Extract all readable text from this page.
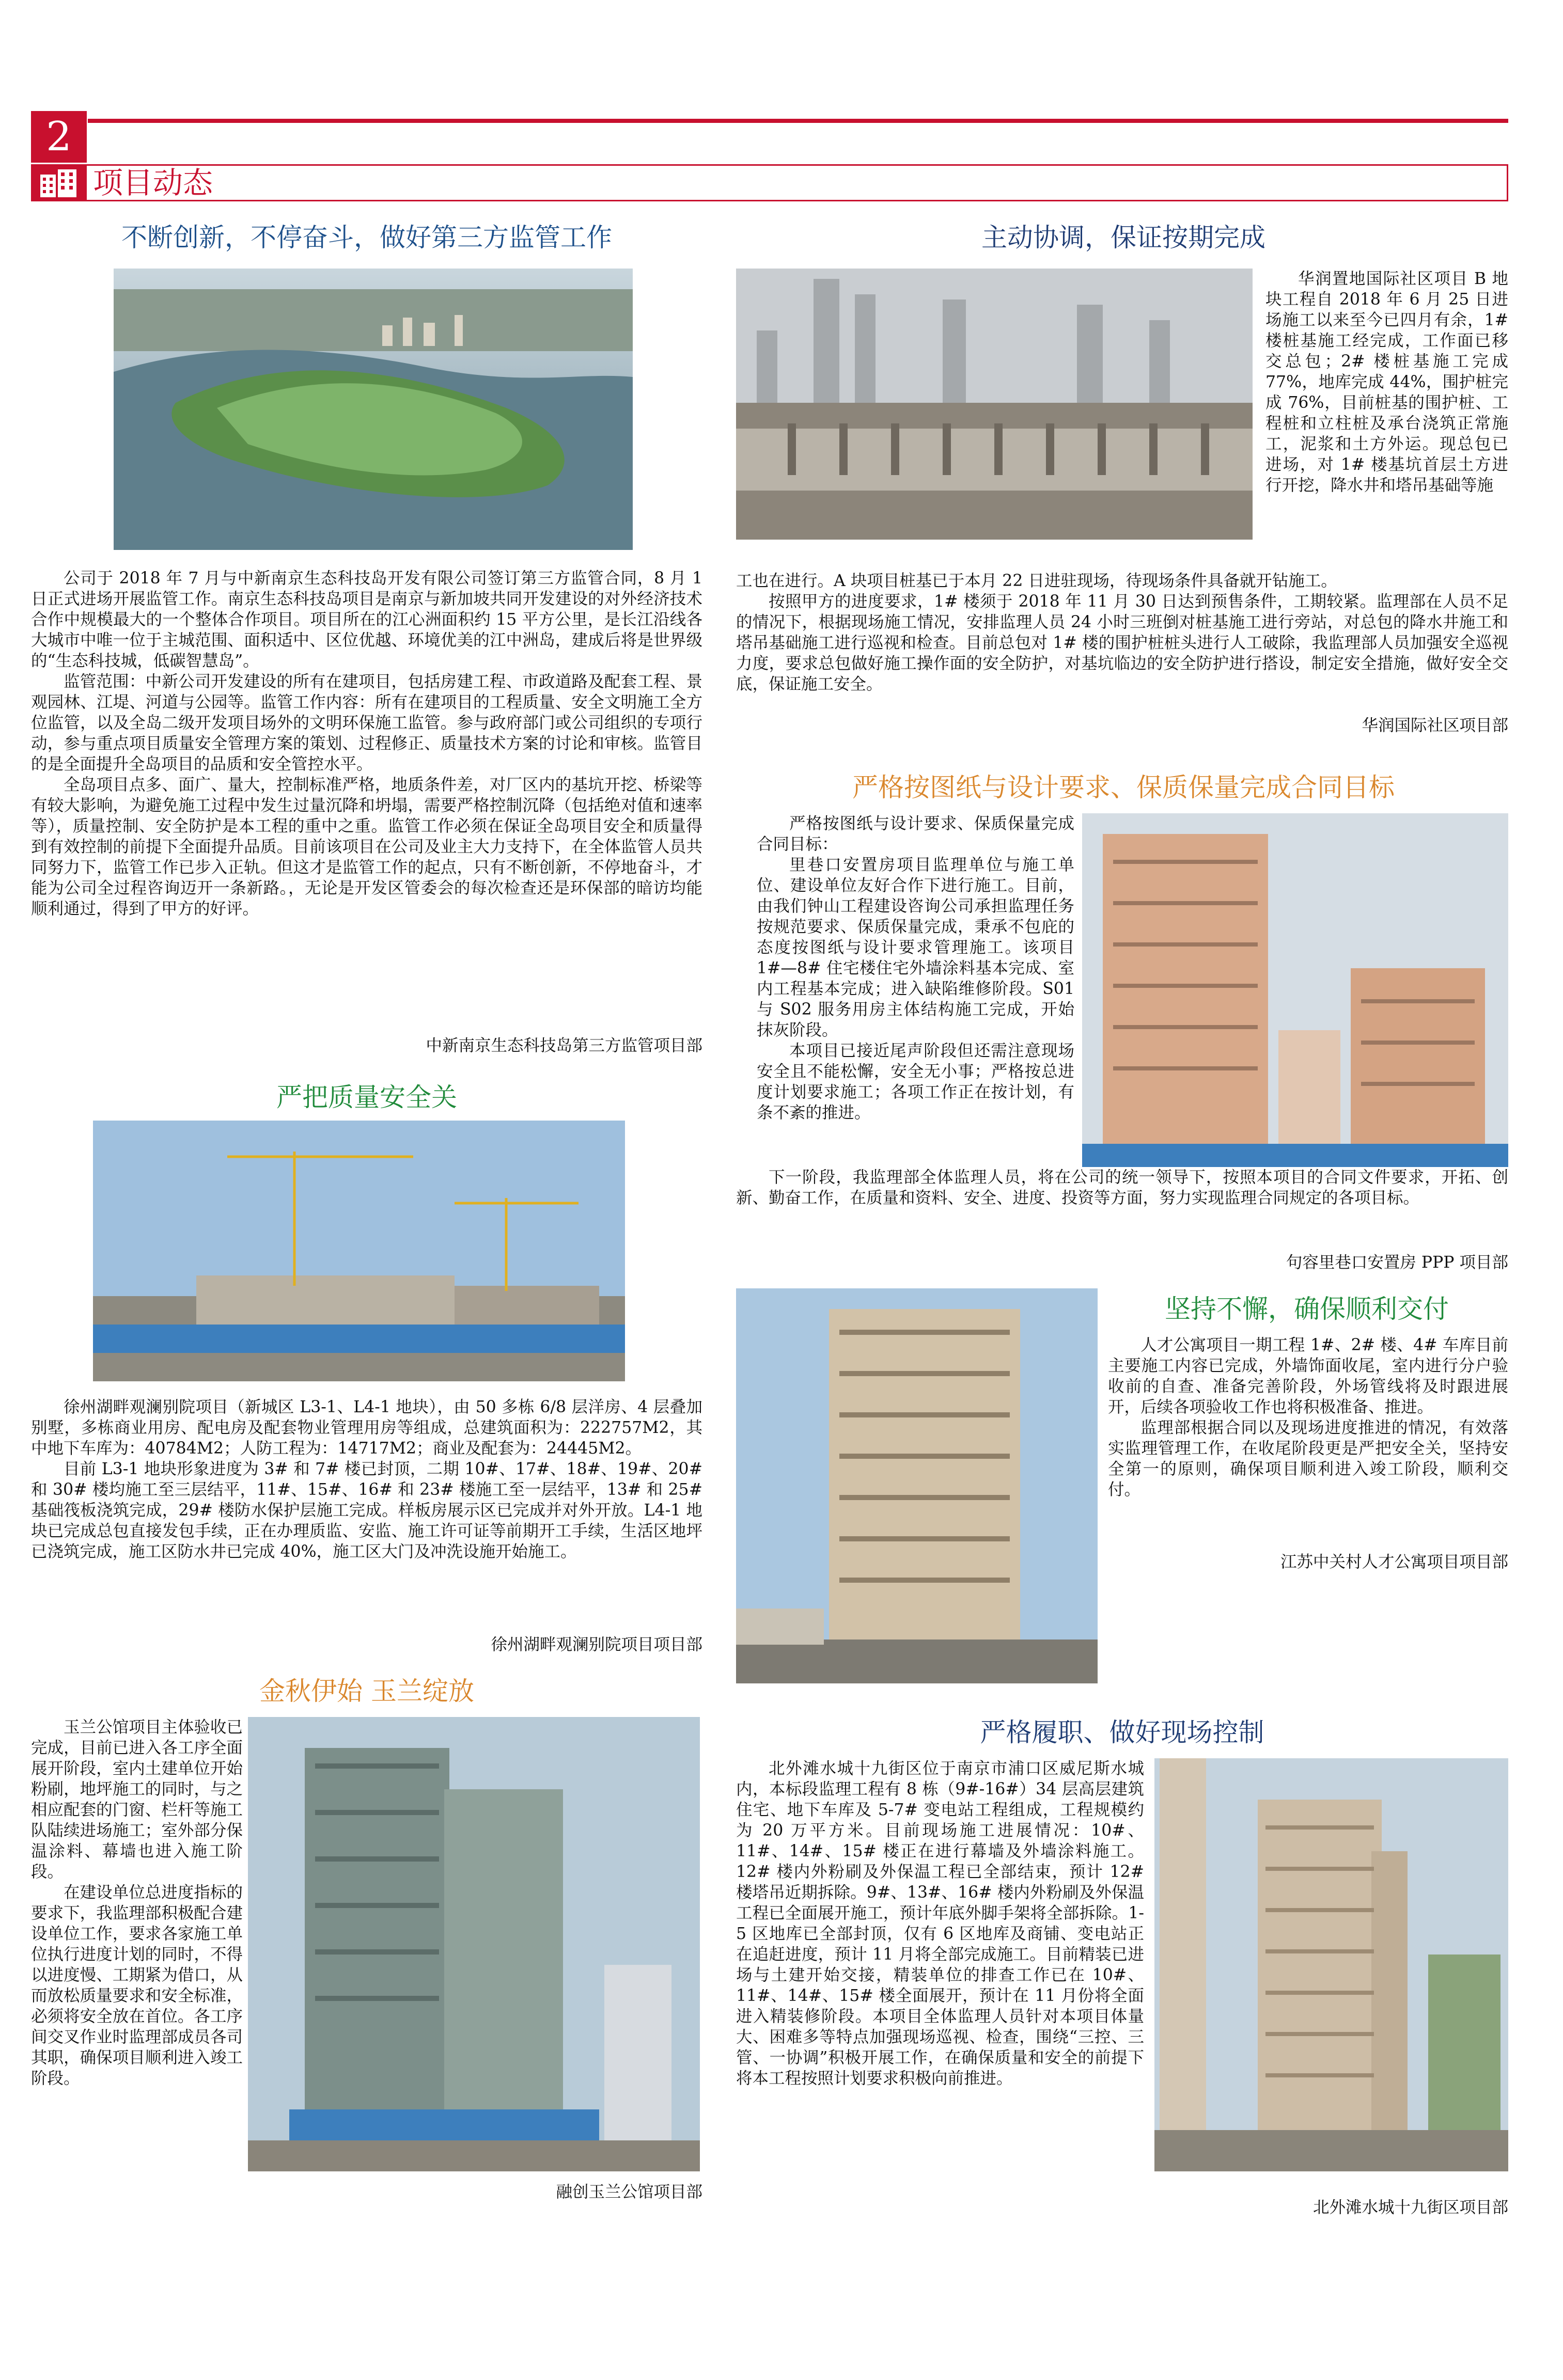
2
项目动态
不断创新，不停奋斗，做好第三方监管工作

公司于 2018 年 7 月与中新南京生态科技岛开发有限公司签订第三方监管合同，8 月 1 日正式进场开展监管工作。南京生态科技岛项目是南京与新加坡共同开发建设的对外经济技术合作中规模最大的一个整体合作项目。项目所在的江心洲面积约 15 平方公里，是长江沿线各大城市中唯一位于主城范围、面积适中、区位优越、环境优美的江中洲岛，建成后将是世界级的“生态科技城，低碳智慧岛”。

监管范围：中新公司开发建设的所有在建项目，包括房建工程、市政道路及配套工程、景观园林、江堤、河道与公园等。监管工作内容：所有在建项目的工程质量、安全文明施工全方位监管，以及全岛二级开发项目场外的文明环保施工监管。参与政府部门或公司组织的专项行动，参与重点项目质量安全管理方案的策划、过程修正、质量技术方案的讨论和审核。监管目的是全面提升全岛项目的品质和安全管控水平。

全岛项目点多、面广、量大，控制标准严格，地质条件差，对厂区内的基坑开挖、桥梁等有较大影响，为避免施工过程中发生过量沉降和坍塌，需要严格控制沉降（包括绝对值和速率等），质量控制、安全防护是本工程的重中之重。监管工作必须在保证全岛项目安全和质量得到有效控制的前提下全面提升品质。目前该项目在公司及业主大力支持下，在全体监管人员共同努力下，监管工作已步入正轨。但这才是监管工作的起点，只有不断创新，不停地奋斗，才能为公司全过程咨询迈开一条新路。，无论是开发区管委会的每次检查还是环保部的暗访均能顺利通过，得到了甲方的好评。

中新南京生态科技岛第三方监管项目部
严把质量安全关

徐州湖畔观澜别院项目（新城区 L3-1、L4-1 地块），由 50 多栋 6/8 层洋房、4 层叠加别墅，多栋商业用房、配电房及配套物业管理用房等组成，总建筑面积为：222757M2，其中地下车库为：40784M2；人防工程为：14717M2；商业及配套为：24445M2。

目前 L3-1 地块形象进度为 3# 和 7# 楼已封顶，二期 10#、17#、18#、19#、20# 和 30# 楼均施工至三层结平，11#、15#、16# 和 23# 楼施工至一层结平，13# 和 25# 基础筏板浇筑完成，29# 楼防水保护层施工完成。样板房展示区已完成并对外开放。L4-1 地块已完成总包直接发包手续，正在办理质监、安监、施工许可证等前期开工手续，生活区地坪已浇筑完成，施工区防水井已完成 40%，施工区大门及冲洗设施开始施工。

徐州湖畔观澜别院项目项目部
金秋伊始 玉兰绽放

玉兰公馆项目主体验收已完成，目前已进入各工序全面展开阶段，室内土建单位开始粉刷，地坪施工的同时，与之相应配套的门窗、栏杆等施工队陆续进场施工；室外部分保温涂料、幕墙也进入施工阶段。

在建设单位总进度指标的要求下，我监理部积极配合建设单位工作，要求各家施工单位执行进度计划的同时，不得以进度慢、工期紧为借口，从而放松质量要求和安全标准，必须将安全放在首位。各工序间交叉作业时监理部成员各司其职，确保项目顺利进入竣工阶段。

融创玉兰公馆项目部
主动协调，保证按期完成

华润置地国际社区项目 B 地块工程自 2018 年 6 月 25 日进场施工以来至今已四月有余，1# 楼桩基施工经完成，工作面已移交总包；2# 楼桩基施工完成 77%，地库完成 44%，围护桩完成 76%，目前桩基的围护桩、工程桩和立柱桩及承台浇筑正常施工，泥浆和土方外运。现总包已进场，对 1# 楼基坑首层土方进行开挖，降水井和塔吊基础等施

工也在进行。A 块项目桩基已于本月 22 日进驻现场，待现场条件具备就开钻施工。

按照甲方的进度要求，1# 楼须于 2018 年 11 月 30 日达到预售条件，工期较紧。监理部在人员不足的情况下，根据现场施工情况，安排监理人员 24 小时三班倒对桩基施工进行旁站，对总包的降水井施工和塔吊基础施工进行巡视和检查。目前总包对 1# 楼的围护桩桩头进行人工破除，我监理部人员加强安全巡视力度，要求总包做好施工操作面的安全防护，对基坑临边的安全防护进行搭设，制定安全措施，做好安全交底，保证施工安全。

华润国际社区项目部
严格按图纸与设计要求、保质保量完成合同目标

严格按图纸与设计要求、保质保量完成合同目标：

里巷口安置房项目监理单位与施工单位、建设单位友好合作下进行施工。目前，由我们钟山工程建设咨询公司承担监理任务按规范要求、保质保量完成，秉承不包庇的态度按图纸与设计要求管理施工。该项目 1#—8# 住宅楼住宅外墙涂料基本完成、室内工程基本完成；进入缺陷维修阶段。S01 与 S02 服务用房主体结构施工完成，开始抹灰阶段。

本项目已接近尾声阶段但还需注意现场安全且不能松懈，安全无小事；严格按总进度计划要求施工；各项工作正在按计划，有条不紊的推进。

下一阶段，我监理部全体监理人员，将在公司的统一领导下，按照本项目的合同文件要求，开拓、创新、勤奋工作，在质量和资料、安全、进度、投资等方面，努力实现监理合同规定的各项目标。

句容里巷口安置房 PPP 项目部
坚持不懈，确保顺利交付

人才公寓项目一期工程 1#、2# 楼、4# 车库目前主要施工内容已完成，外墙饰面收尾，室内进行分户验收前的自查、准备完善阶段，外场管线将及时跟进展开，后续各项验收工作也将积极准备、推进。

监理部根据合同以及现场进度推进的情况，有效落实监理管理工作，在收尾阶段更是严把安全关，坚持安全第一的原则，确保项目顺利进入竣工阶段，顺利交付。

江苏中关村人才公寓项目项目部
严格履职、做好现场控制

北外滩水城十九街区位于南京市浦口区威尼斯水城内，本标段监理工程有 8 栋（9#-16#）34 层高层建筑住宅、地下车库及 5-7# 变电站工程组成，工程规模约为 20 万平方米。目前现场施工进展情况：10#、11#、14#、15# 楼正在进行幕墙及外墙涂料施工。12# 楼内外粉刷及外保温工程已全部结束，预计 12# 楼塔吊近期拆除。9#、13#、16# 楼内外粉刷及外保温工程已全面展开施工，预计年底外脚手架将全部拆除。1-5 区地库已全部封顶，仅有 6 区地库及商铺、变电站正在追赶进度，预计 11 月将全部完成施工。目前精装已进场与土建开始交接，精装单位的排查工作已在 10#、11#、14#、15# 楼全面展开，预计在 11 月份将全面进入精装修阶段。本项目全体监理人员针对本项目体量大、困难多等特点加强现场巡视、检查，围绕“三控、三管、一协调”积极开展工作，在确保质量和安全的前提下将本工程按照计划要求积极向前推进。

北外滩水城十九街区项目部
